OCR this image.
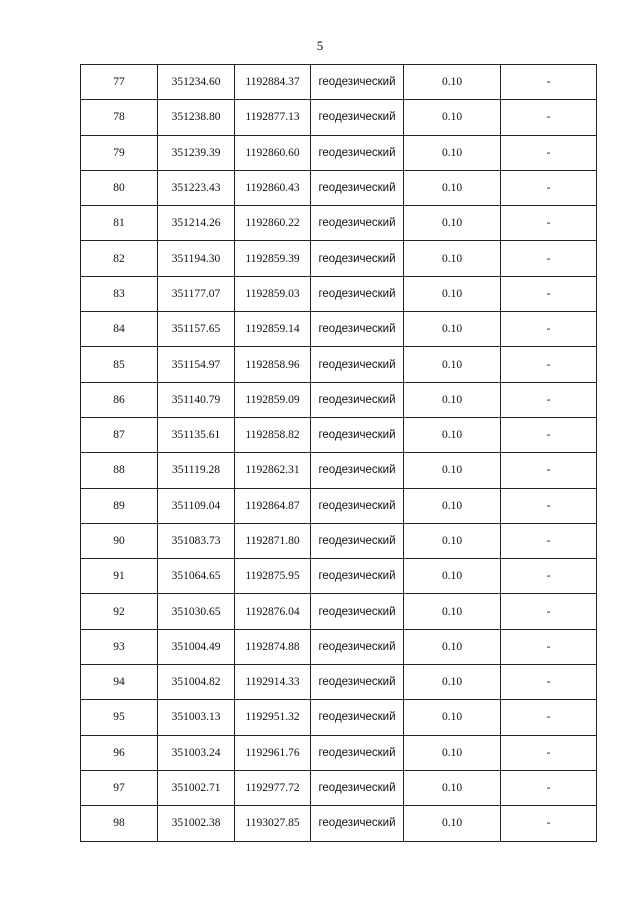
5
77	351234.60	1192884.37	геодезический	0.10	-
78	351238.80	1192877.13	геодезический	0.10	-
79	351239.39	1192860.60	геодезический	0.10	-
80	351223.43	1192860.43	геодезический	0.10	-
81	351214.26	1192860.22	геодезический	0.10	-
82	351194.30	1192859.39	геодезический	0.10	-
83	351177.07	1192859.03	геодезический	0.10	-
84	351157.65	1192859.14	геодезический	0.10	-
85	351154.97	1192858.96	геодезический	0.10	-
86	351140.79	1192859.09	геодезический	0.10	-
87	351135.61	1192858.82	геодезический	0.10	-
88	351119.28	1192862.31	геодезический	0.10	-
89	351109.04	1192864.87	геодезический	0.10	-
90	351083.73	1192871.80	геодезический	0.10	-
91	351064.65	1192875.95	геодезический	0.10	-
92	351030.65	1192876.04	геодезический	0.10	-
93	351004.49	1192874.88	геодезический	0.10	-
94	351004.82	1192914.33	геодезический	0.10	-
95	351003.13	1192951.32	геодезический	0.10	-
96	351003.24	1192961.76	геодезический	0.10	-
97	351002.71	1192977.72	геодезический	0.10	-
98	351002.38	1193027.85	геодезический	0.10	-
